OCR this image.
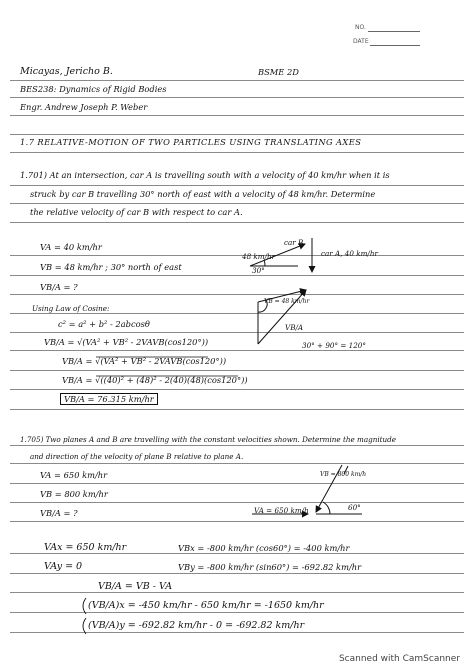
NO.
DATE
Micayas, Jericho B.	BSME 2D
BES238: Dynamics of Rigid Bodies
Engr. Andrew Joseph P. Weber
1.7 RELATIVE-MOTION OF TWO PARTICLES USING TRANSLATING AXES
1.701) At an intersection, car A is travelling south with a velocity of 40 km/hr when it is
struck by car B travelling 30° north of east with a velocity of 48 km/hr. Determine
the relative velocity of car B with respect to car A.
VA = 40 km/hr
VB = 48 km/hr ; 30° north of east
VB/A = ?
Using Law of Cosine:
c² = a² + b² - 2abcosθ
VB/A = √(VA² + VB² - 2VAVB(cos120°))
VB/A = √(VA² + VB² - 2VAVB(cos120°))
VB/A = √((40)² + (48)² - 2(40)(48)(cos120°))
VB/A = 76.315 km/hr
car B
48 km/hr
30°
car A, 40 km/hr
VB = 48 km/hr
VB/A
30° + 90° = 120°
1.705) Two planes A and B are travelling with the constant velocities shown. Determine the magnitude
and direction of the velocity of plane B relative to plane A.
VA = 650 km/hr
VB = 800 km/hr
VB/A = ?
VB = 800 km/h
VA = 650 km/h	60°
VAx = 650 km/hr	VBx = -800 km/hr (cos60°) = -400 km/hr
VAy = 0	VBy = -800 km/hr (sin60°) = -692.82 km/hr
VB/A = VB - VA
(VB/A)x = -450 km/hr - 650 km/hr = -1650 km/hr
(VB/A)y = -692.82 km/hr - 0 = -692.82 km/hr
Scanned with CamScanner
